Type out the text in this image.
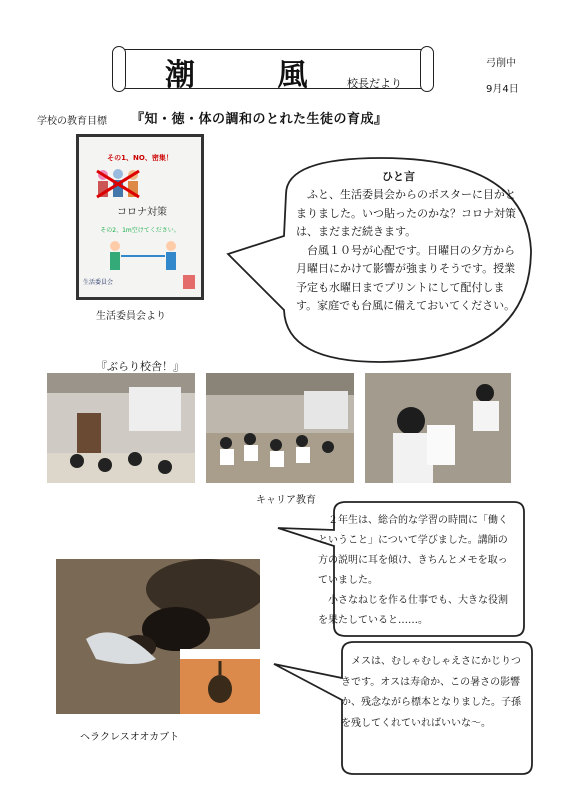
潮 風 校長だより
弓削中
9月4日
学校の教育目標 『知・徳・体の調和のとれた生徒の育成』
その1、NO、密集！
コロナ対策
その2、1m空けてください。
生活委員会
生活委員会より
ひと言

ふと、生活委員会からのポスターに目がとまりました。いつ貼ったのかな？コロナ対策は、まだまだ続きます。

台風１０号が心配です。日曜日の夕方から月曜日にかけて影響が強まりそうです。授業予定も水曜日までプリントにして配付します。家庭でも台風に備えておいてください。

『ぶらり校舎！』
キャリア教育

２年生は、総合的な学習の時間に「働くということ」について学びました。講師の方の説明に耳を傾け、きちんとメモを取っていました。

小さなねじを作る仕事でも、大きな役割を果たしていると……。

ヘラクレスオオカブト

メスは、むしゃむしゃえさにかじりつきです。オスは寿命か、この暑さの影響か、残念ながら標本となりました。子孫を残してくれていればいいな～。
